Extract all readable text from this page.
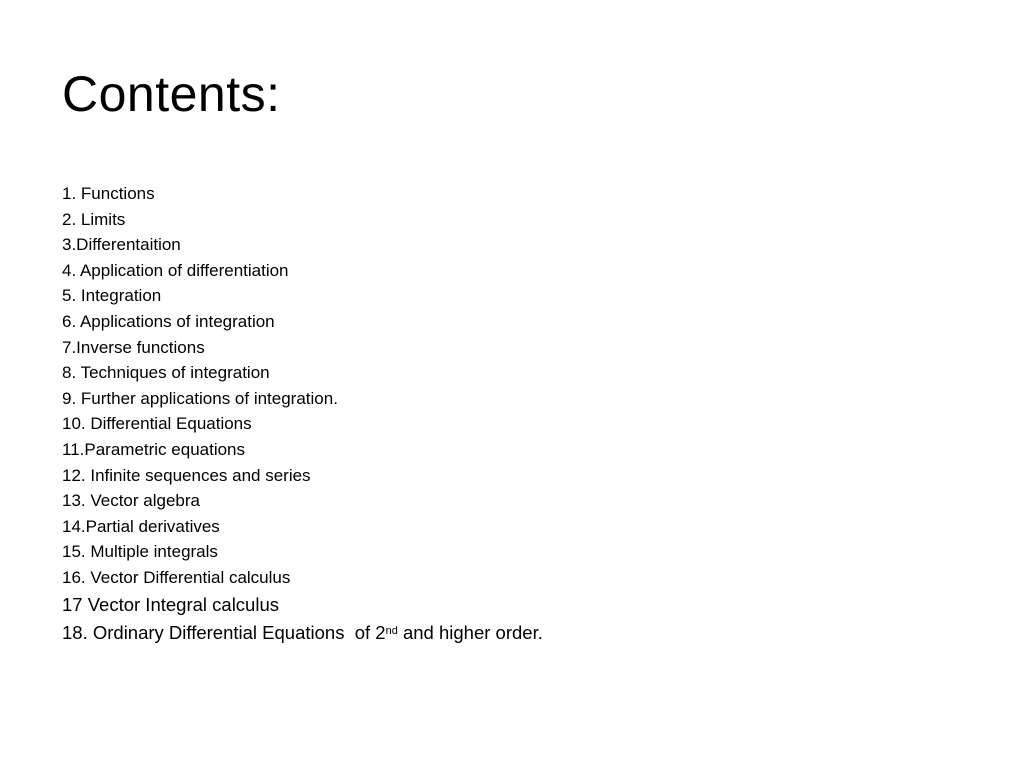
Contents:
1. Functions
2. Limits
3.Differentaition
4. Application of differentiation
5. Integration
6. Applications of integration
7.Inverse functions
8. Techniques of integration
9. Further applications of integration.
10. Differential Equations
11.Parametric equations
12. Infinite sequences and series
13. Vector algebra
14.Partial derivatives
15. Multiple integrals
16. Vector Differential calculus
17 Vector Integral calculus
18. Ordinary Differential Equations  of 2nd and higher order.
